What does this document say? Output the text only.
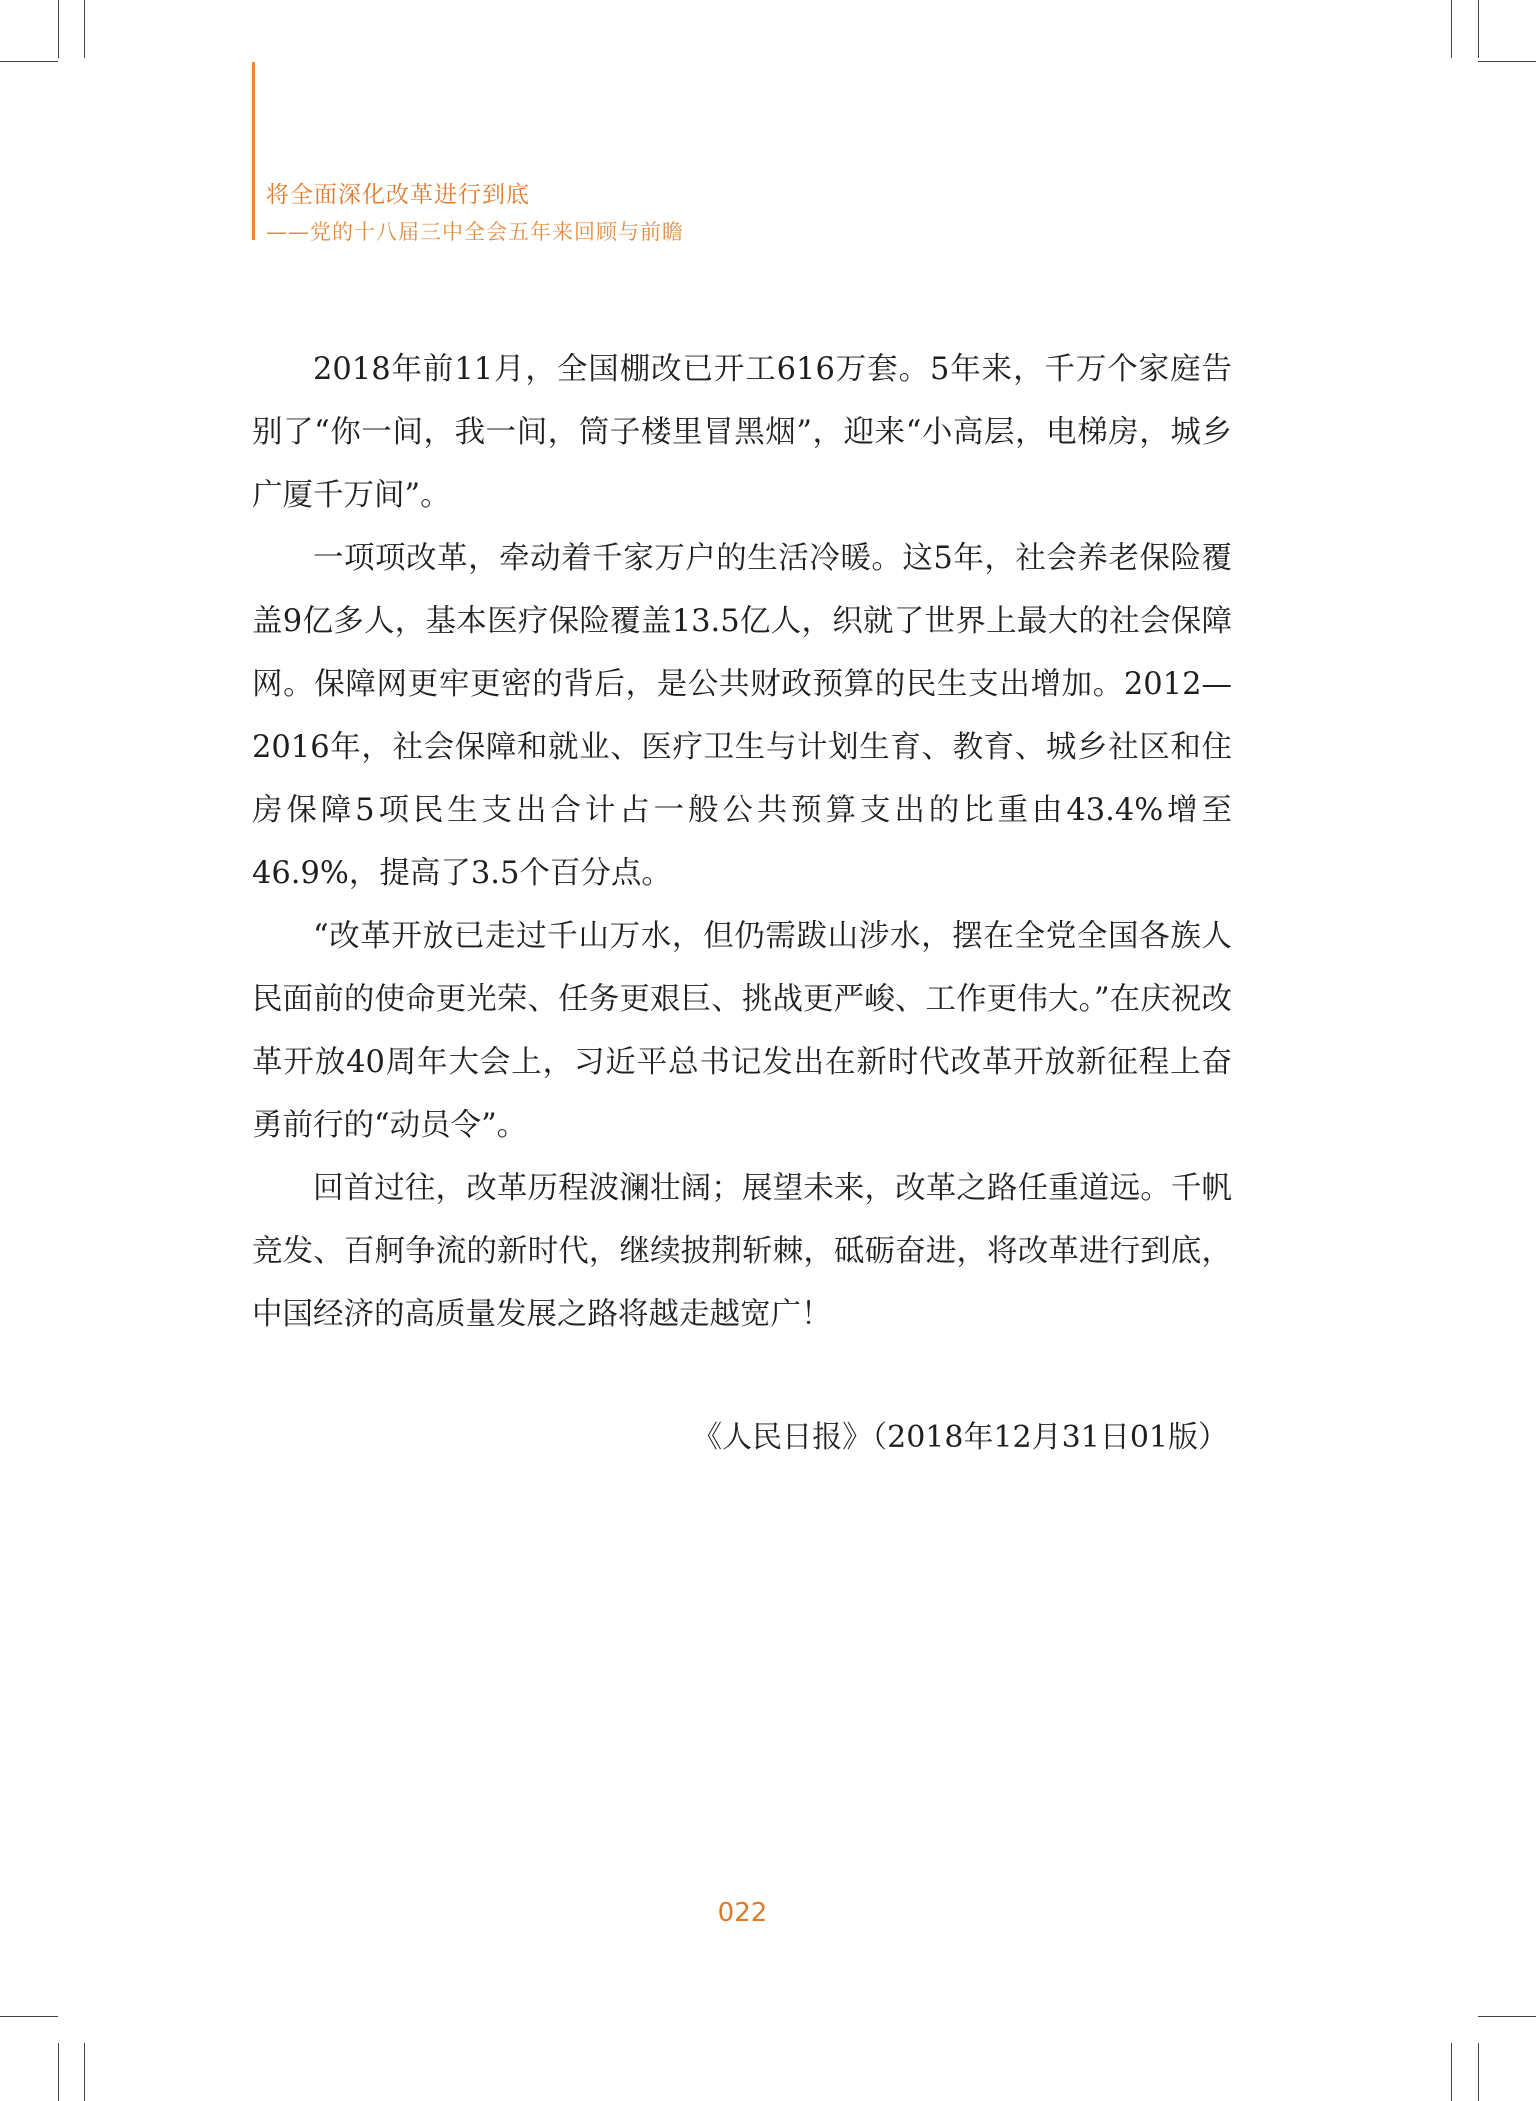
将全面深化改革进行到底
——党的十八届三中全会五年来回顾与前瞻

2018年前11月，全国棚改已开工616万套。5年来，千万个家庭告别了“你一间，我一间，筒子楼里冒黑烟”，迎来“小高层，电梯房，城乡广厦千万间”。

一项项改革，牵动着千家万户的生活冷暖。这5年，社会养老保险覆盖9亿多人，基本医疗保险覆盖13.5亿人，织就了世界上最大的社会保障网。保障网更牢更密的背后，是公共财政预算的民生支出增加。2012—2016年，社会保障和就业、医疗卫生与计划生育、教育、城乡社区和住房保障5项民生支出合计占一般公共预算支出的比重由43.4%增至46.9%，提高了3.5个百分点。

“改革开放已走过千山万水，但仍需跋山涉水，摆在全党全国各族人民面前的使命更光荣、任务更艰巨、挑战更严峻、工作更伟大。”在庆祝改革开放40周年大会上，习近平总书记发出在新时代改革开放新征程上奋勇前行的“动员令”。

回首过往，改革历程波澜壮阔；展望未来，改革之路任重道远。千帆竞发、百舸争流的新时代，继续披荆斩棘，砥砺奋进，将改革进行到底，中国经济的高质量发展之路将越走越宽广！

《人民日报》（2018年12月31日01版）
022
